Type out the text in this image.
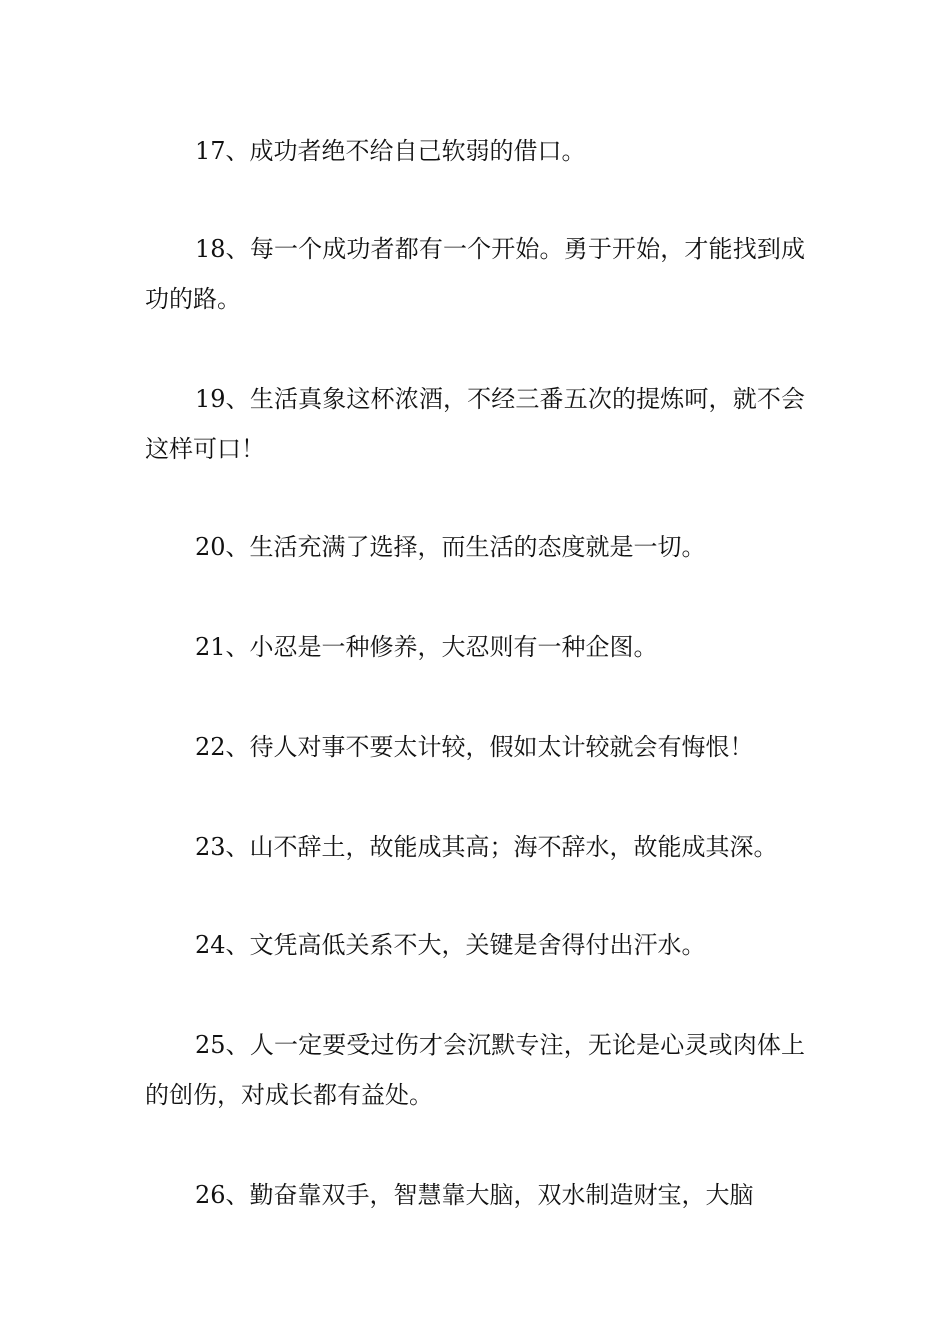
17、成功者绝不给自己软弱的借口。

18、每一个成功者都有一个开始。勇于开始，才能找到成功的路。

19、生活真象这杯浓酒，不经三番五次的提炼呵，就不会这样可口！

20、生活充满了选择，而生活的态度就是一切。

21、小忍是一种修养，大忍则有一种企图。

22、待人对事不要太计较，假如太计较就会有悔恨！

23、山不辞土，故能成其高；海不辞水，故能成其深。

24、文凭高低关系不大，关键是舍得付出汗水。

25、人一定要受过伤才会沉默专注，无论是心灵或肉体上的创伤，对成长都有益处。

26、勤奋靠双手，智慧靠大脑，双水制造财宝，大脑
